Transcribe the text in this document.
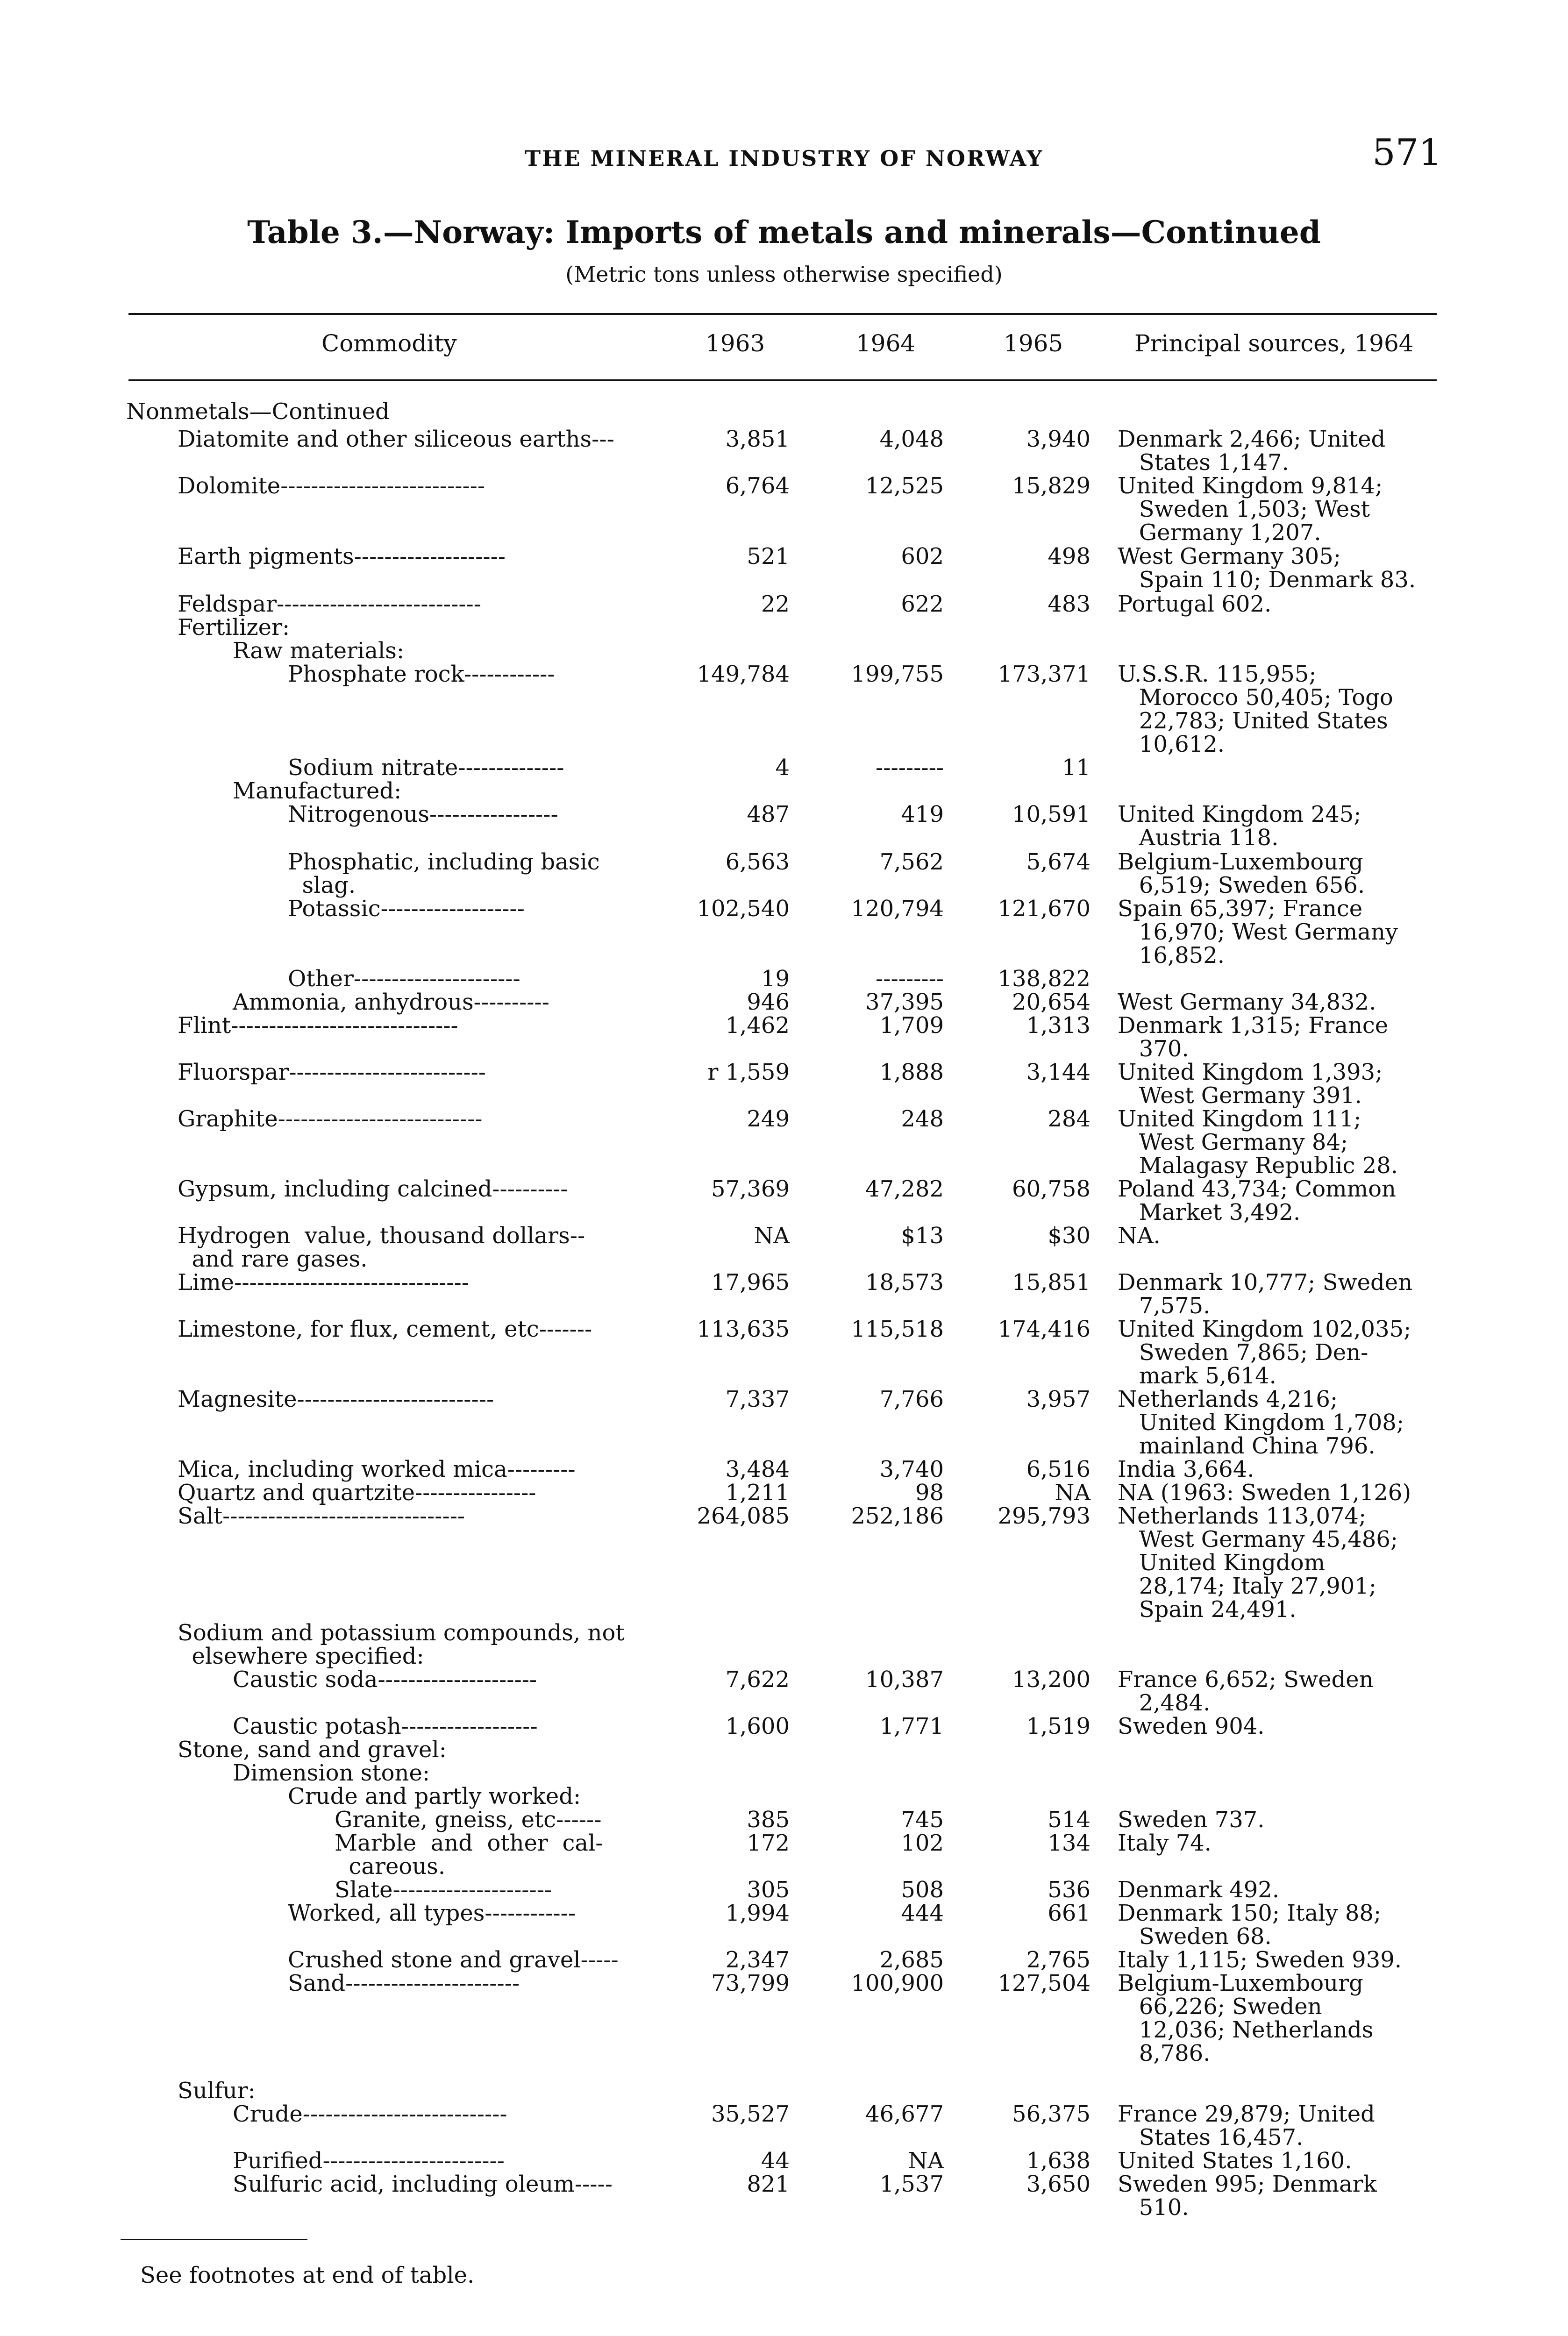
THE MINERAL INDUSTRY OF NORWAY	571
Table 3.—Norway: Imports of metals and minerals—Continued
(Metric tons unless otherwise specified)
Commodity	1963	1964	1965	Principal sources, 1964
Nonmetals—Continued
Diatomite and other siliceous earths---	3,851	4,048	3,940 Denmark 2,466; United
States 1,147.
Dolomite---------------------------	6,764	12,525	15,829 United Kingdom 9,814;
Sweden 1,503; West
Germany 1,207.
Earth pigments--------------------	521	602	498 West Germany 305;
Spain 110; Denmark 83.
Feldspar---------------------------	22	622	483 Portugal 602.
Fertilizer:
Raw materials:
Phosphate rock------------	149,784	199,755	173,371 U.S.S.R. 115,955;
Morocco 50,405; Togo
22,783; United States
10,612.
Sodium nitrate--------------	4	---------	11
Manufactured:
Nitrogenous-----------------	487	419	10,591 United Kingdom 245;
Austria 118.
Phosphatic, including basic
slag.
6,563	7,562	5,674 Belgium-Luxembourg
6,519; Sweden 656.
Potassic-------------------	102,540	120,794	121,670 Spain 65,397; France
16,970; West Germany
16,852.
Other----------------------	19	---------	138,822
Ammonia, anhydrous----------	946	37,395	20,654 West Germany 34,832.
Flint------------------------------	1,462	1,709	1,313 Denmark 1,315; France
370.
Fluorspar--------------------------	r 1,559	1,888	3,144 United Kingdom 1,393;
West Germany 391.
Graphite---------------------------	249	248	284 United Kingdom 111;
West Germany 84;
Malagasy Republic 28.
Gypsum, including calcined----------	57,369	47,282	60,758 Poland 43,734; Common
Market 3,492.
Hydrogen  value, thousand dollars--
and rare gases.
NA	$13	$30 NA.
Lime-------------------------------	17,965	18,573	15,851 Denmark 10,777; Sweden
7,575.
Limestone, for flux, cement, etc-------	113,635	115,518	174,416 United Kingdom 102,035;
Sweden 7,865; Den-
mark 5,614.
Magnesite--------------------------	7,337	7,766	3,957 Netherlands 4,216;
United Kingdom 1,708;
mainland China 796.
Mica, including worked mica---------	3,484	3,740	6,516 India 3,664.
Quartz and quartzite----------------	1,211	98	NA NA (1963: Sweden 1,126)
Salt--------------------------------	264,085	252,186	295,793 Netherlands 113,074;
West Germany 45,486;
United Kingdom
28,174; Italy 27,901;
Spain 24,491.
Sodium and potassium compounds, not
elsewhere specified:
Caustic soda---------------------	7,622	10,387	13,200 France 6,652; Sweden
2,484.
Caustic potash------------------	1,600	1,771	1,519 Sweden 904.
Stone, sand and gravel:
Dimension stone:
Crude and partly worked:
Granite, gneiss, etc------	385	745	514 Sweden 737.
Marble  and  other  cal-
careous.
172	102	134 Italy 74.
Slate---------------------	305	508	536 Denmark 492.
Worked, all types------------	1,994	444	661 Denmark 150; Italy 88;
Sweden 68.
Crushed stone and gravel-----	2,347	2,685	2,765 Italy 1,115; Sweden 939.
Sand-----------------------	73,799	100,900	127,504 Belgium-Luxembourg
66,226; Sweden
12,036; Netherlands
8,786.
Sulfur:
Crude---------------------------	35,527	46,677	56,375 France 29,879; United
States 16,457.
Purified------------------------	44	NA	1,638 United States 1,160.
Sulfuric acid, including oleum-----	821	1,537	3,650 Sweden 995; Denmark
510.
See footnotes at end of table.
